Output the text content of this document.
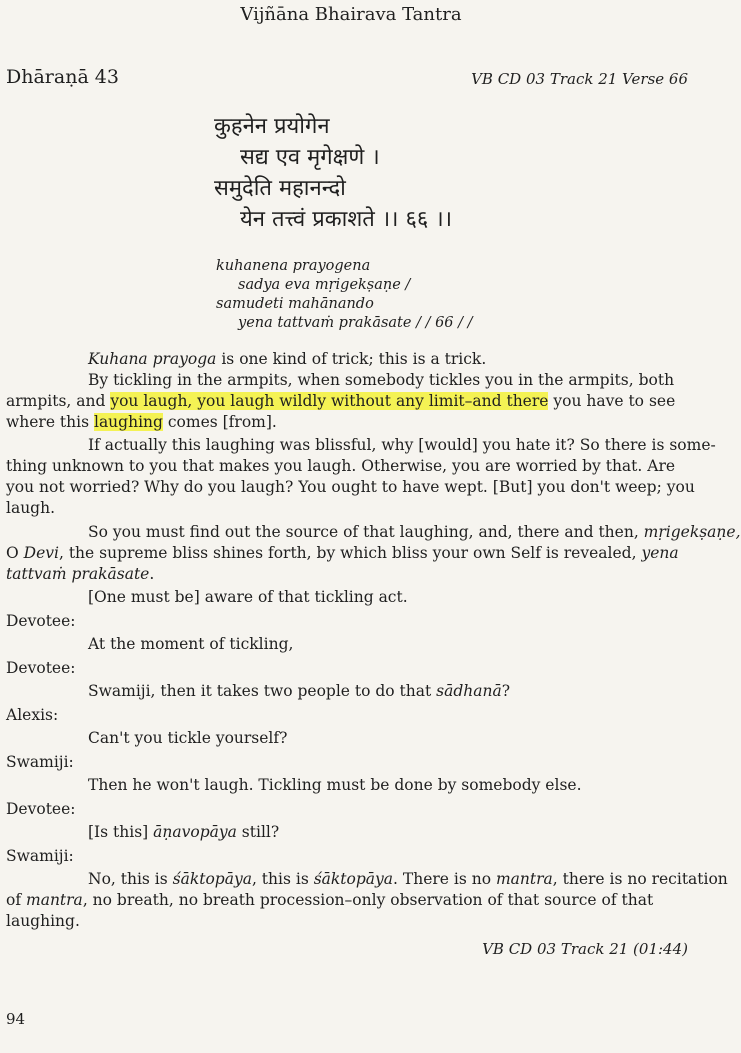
Vijñāna Bhairava Tantra
Dhāraṇā 43	VB CD 03 Track 21 Verse 66

कुहनेन प्रयोगेन
सद्य एव मृगेक्षणे ।
समुदेति महानन्दो
येन तत्त्वं प्रकाशते ।। ६६ ।।
kuhanena prayogena
sadya eva mṛigekṣaṇe /
samudeti mahānando
yena tattvaṁ prakāsate / / 66 / /
Kuhana prayoga is one kind of trick; this is a trick.
By tickling in the armpits, when somebody tickles you in the armpits, both
armpits, and you laugh, you laugh wildly without any limit–and there you have to see
where this laughing comes [from].
If actually this laughing was blissful, why [would] you hate it? So there is some-
thing unknown to you that makes you laugh. Otherwise, you are worried by that. Are
you not worried? Why do you laugh? You ought to have wept. [But] you don't weep; you
laugh.
So you must find out the source of that laughing, and, there and then, mṛigekṣaṇe,
O Devi, the supreme bliss shines forth, by which bliss your own Self is revealed, yena
tattvaṁ prakāsate.
[One must be] aware of that tickling act.
Devotee:
At the moment of tickling,
Devotee:
Swamiji, then it takes two people to do that sādhanā?
Alexis:
Can't you tickle yourself?
Swamiji:
Then he won't laugh. Tickling must be done by somebody else.
Devotee:
[Is this] āṇavopāya still?
Swamiji:
No, this is śāktopāya, this is śāktopāya. There is no mantra, there is no recitation
of mantra, no breath, no breath procession–only observation of that source of that
laughing.
VB CD 03 Track 21 (01:44)
94
